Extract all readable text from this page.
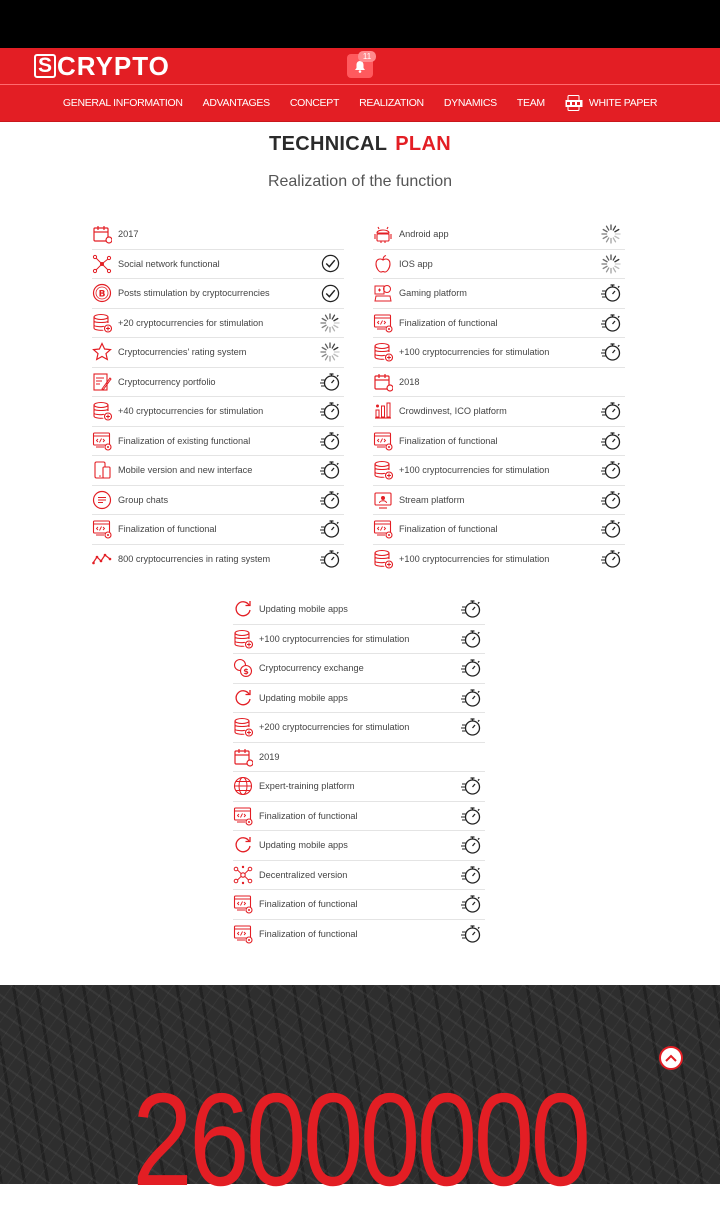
S CRYPTO	11
GENERAL INFORMATION ADVANTAGES CONCEPT REALIZATION DYNAMICS TEAM	WHITE PAPER
TECHNICAL PLAN
Realization of the function
2017
Social network functional
B Posts stimulation by cryptocurrencies
+20 cryptocurrencies for stimulation
Cryptocurrencies' rating system
Cryptocurrency portfolio
+40 cryptocurrencies for stimulation
Finalization of existing functional
Mobile version and new interface
Group chats
Finalization of functional
800 cryptocurrencies in rating system
Android app
IOS app
Gaming platform
Finalization of functional
+100 cryptocurrencies for stimulation
2018
Crowdinvest, ICO platform
Finalization of functional
+100 cryptocurrencies for stimulation
Stream platform
Finalization of functional
+100 cryptocurrencies for stimulation
Updating mobile apps
+100 cryptocurrencies for stimulation
$ Cryptocurrency exchange
Updating mobile apps
+200 cryptocurrencies for stimulation
2019
Expert-training platform
Finalization of functional
Updating mobile apps
Decentralized version
Finalization of functional
Finalization of functional
26000000
